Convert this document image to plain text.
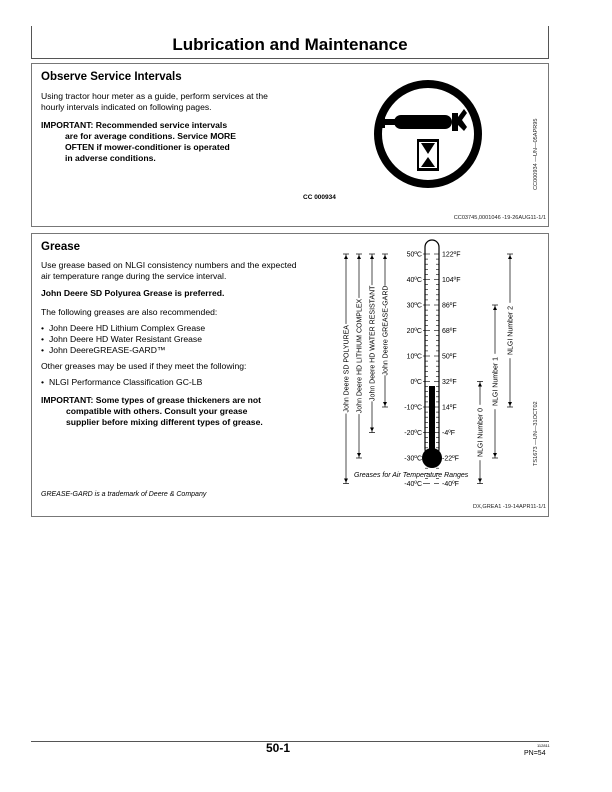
Lubrication and Maintenance
Observe Service Intervals
Using tractor hour meter as a guide, perform services at the hourly intervals indicated on following pages.
IMPORTANT: Recommended service intervals
are for average conditions. Service MORE
OFTEN if mower-conditioner is operated
in adverse conditions.
CC 000934
CC000934 —UN—05APR95
CC03745,0001046 -19-26AUG11-1/1
Grease
Use grease based on NLGI consistency numbers and the expected air temperature range during the service interval.
John Deere SD Polyurea Grease is preferred.
The following greases are also recommended:
• John Deere HD Lithium Complex Grease
• John Deere HD Water Resistant Grease
• John DeereGREASE-GARD™
Other greases may be used if they meet the following:
• NLGI Performance Classification GC-LB
IMPORTANT: Some types of grease thickeners are not
compatible with others. Consult your grease
supplier before mixing different types of grease.
GREASE-GARD is a trademark of Deere & Company
DX,GREA1 -19-14APR11-1/1
50ºC
40ºC
30ºC
20ºC
10ºC
0ºC
-10ºC
-20ºC
-30ºC
-40ºC
122ºF
104ºF
86ºF
68ºF
50ºF
32ºF
14ºF
-4ºF
-22ºF
-40ºF
John Deere SD POLYUREA John Deere HD LITHIUM COMPLEX John Deere HD WATER RESISTANT John Deere GREASE-GARD
NLGI Number 0
NLGI Number 1
NLGI Number 2
Greases for Air Temperature Ranges
TS1673 —UN—31OCT02
50-1	112811
PN=54
